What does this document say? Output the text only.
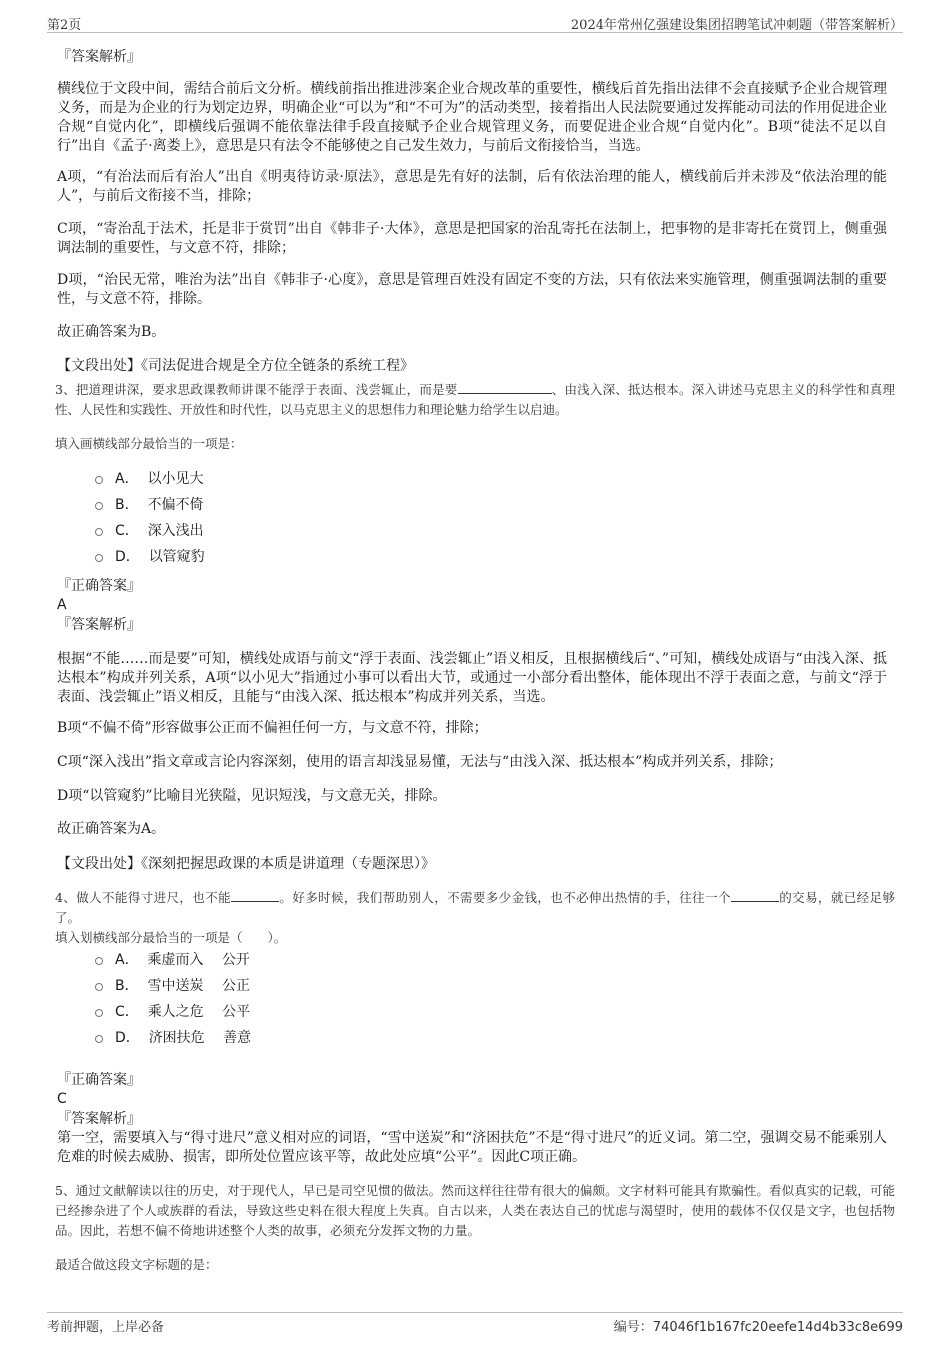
第2页	2024年常州亿强建设集团招聘笔试冲刺题（带答案解析）
『答案解析』

横线位于文段中间，需结合前后文分析。横线前指出推进涉案企业合规改革的重要性，横线后首先指出法律不会直接赋予企业合规管理义务，而是为企业的行为划定边界，明确企业“可以为”和“不可为”的活动类型，接着指出人民法院要通过发挥能动司法的作用促进企业合规“自觉内化”，即横线后强调不能依靠法律手段直接赋予企业合规管理义务，而要促进企业合规“自觉内化”。B项“徒法不足以自行”出自《孟子·离娄上》，意思是只有法令不能够使之自己发生效力，与前后文衔接恰当，当选。

A项，“有治法而后有治人”出自《明夷待访录·原法》，意思是先有好的法制，后有依法治理的能人，横线前后并未涉及“依法治理的能人”，与前后文衔接不当，排除；

C项，“寄治乱于法术，托是非于赏罚”出自《韩非子·大体》，意思是把国家的治乱寄托在法制上，把事物的是非寄托在赏罚上，侧重强调法制的重要性，与文意不符，排除；

D项，“治民无常，唯治为法”出自《韩非子·心度》，意思是管理百姓没有固定不变的方法，只有依法来实施管理，侧重强调法制的重要性，与文意不符，排除。

故正确答案为B。

【文段出处】《司法促进合规是全方位全链条的系统工程》

3、把道理讲深，要求思政课教师讲课不能浮于表面、浅尝辄止，而是要	、由浅入深、抵达根本。深入讲述马克思主义的科学性和真理性、人民性和实践性、开放性和时代性，以马克思主义的思想伟力和理论魅力给学生以启迪。

填入画横线部分最恰当的一项是：

A． 以小见大
B． 不偏不倚
C． 深入浅出
D． 以管窥豹
『正确答案』
A
『答案解析』

根据“不能……而是要”可知，横线处成语与前文“浮于表面、浅尝辄止”语义相反，且根据横线后“、”可知，横线处成语与“由浅入深、抵达根本”构成并列关系，A项“以小见大”指通过小事可以看出大节，或通过一小部分看出整体，能体现出不浮于表面之意，与前文“浮于表面、浅尝辄止”语义相反，且能与“由浅入深、抵达根本”构成并列关系，当选。

B项“不偏不倚”形容做事公正而不偏袒任何一方，与文意不符，排除；

C项“深入浅出”指文章或言论内容深刻，使用的语言却浅显易懂，无法与“由浅入深、抵达根本”构成并列关系，排除；

D项“以管窥豹”比喻目光狭隘，见识短浅，与文意无关，排除。

故正确答案为A。

【文段出处】《深刻把握思政课的本质是讲道理（专题深思）》

4、做人不能得寸进尺，也不能	。好多时候，我们帮助别人，不需要多少金钱，也不必伸出热情的手，往往一个	的交易，就已经足够了。

填入划横线部分最恰当的一项是（　　）。

A． 乘虚而入　 公开
B． 雪中送炭　 公正
C． 乘人之危　 公平
D． 济困扶危　 善意
『正确答案』
C
『答案解析』

第一空，需要填入与“得寸进尺”意义相对应的词语，“雪中送炭”和“济困扶危”不是“得寸进尺”的近义词。第二空，强调交易不能乘别人危难的时候去威胁、损害，即所处位置应该平等，故此处应填“公平”。因此C项正确。

5、通过文献解读以往的历史，对于现代人，早已是司空见惯的做法。然而这样往往带有很大的偏颇。文字材料可能具有欺骗性。看似真实的记载，可能已经掺杂进了个人或族群的看法，导致这些史料在很大程度上失真。自古以来，人类在表达自己的忧虑与渴望时，使用的载体不仅仅是文字，也包括物品。因此，若想不偏不倚地讲述整个人类的故事，必须充分发挥文物的力量。

最适合做这段文字标题的是：

考前押题，上岸必备	编号：74046f1b167fc20eefe14d4b33c8e699
